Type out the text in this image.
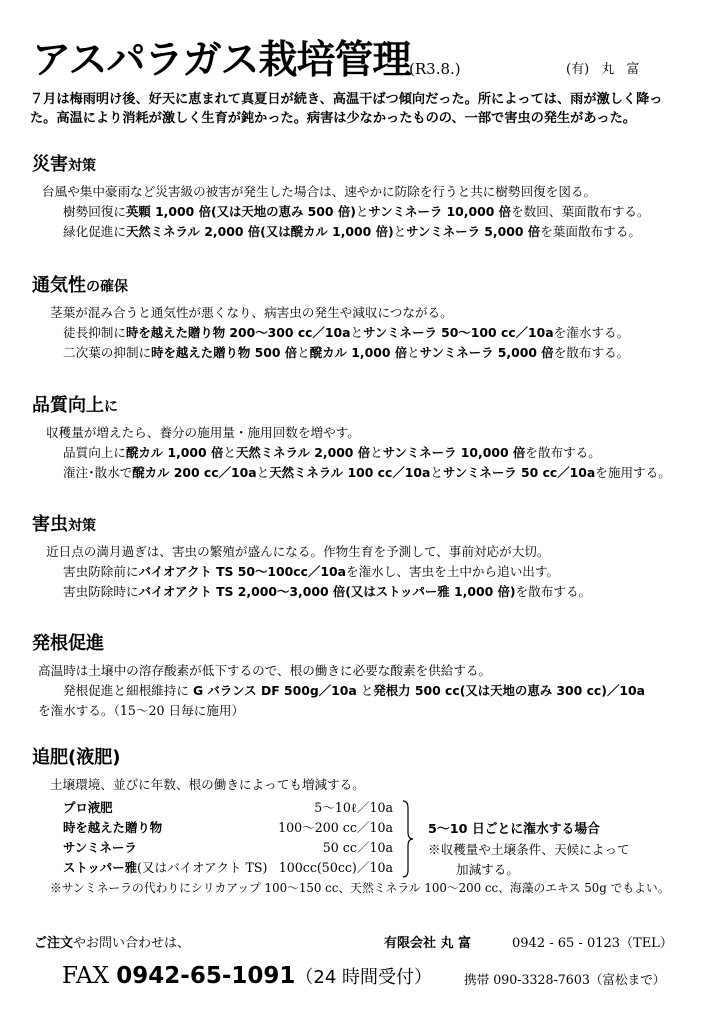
アスパラガス栽培管理
(R3.8.)	(有) 丸 富

７月は梅雨明け後、好天に恵まれて真夏日が続き、高温干ばつ傾向だった。所によっては、雨が激しく降っ

た。高温により消耗が激しく生育が鈍かった。病害は少なかったものの、一部で害虫の発生があった。

災害対策

台風や集中豪雨など災害級の被害が発生した場合は、速やかに防除を行うと共に樹勢回復を図る。

樹勢回復に英顆 1,000 倍(又は天地の恵み 500 倍)とサンミネーラ 10,000 倍を数回、葉面散布する。

緑化促進に天然ミネラル 2,000 倍(又は醗カル 1,000 倍)とサンミネーラ 5,000 倍を葉面散布する。

通気性の確保

茎葉が混み合うと通気性が悪くなり、病害虫の発生や減収につながる。

徒長抑制に時を越えた贈り物 200～300 cc／10aとサンミネーラ 50～100 cc／10aを潅水する。

二次葉の抑制に時を越えた贈り物 500 倍と醗カル 1,000 倍とサンミネーラ 5,000 倍を散布する。

品質向上に

収穫量が増えたら、養分の施用量・施用回数を増やす。

品質向上に醗カル 1,000 倍と天然ミネラル 2,000 倍とサンミネーラ 10,000 倍を散布する。

潅注･散水で醗カル 200 cc／10aと天然ミネラル 100 cc／10aとサンミネーラ 50 cc／10aを施用する。

害虫対策

近日点の満月過ぎは、害虫の繁殖が盛んになる。作物生育を予測して、事前対応が大切。

害虫防除前にバイオアクト TS 50～100cc／10aを潅水し、害虫を土中から追い出す。

害虫防除時にバイオアクト TS 2,000～3,000 倍(又はストッパー雅 1,000 倍)を散布する。

発根促進

高温時は土壌中の溶存酸素が低下するので、根の働きに必要な酸素を供給する。

発根促進と細根維持に G バランス DF 500g／10a と発根力 500 cc(又は天地の恵み 300 cc)／10a

を潅水する。（15～20 日毎に施用）

追肥(液肥)

土壌環境、並びに年数、根の働きによっても増減する。

プロ液肥	5～10ℓ／10a
時を越えた贈り物	100～200 cc／10a
サンミネーラ	50 cc／10a
ストッパー雅(又はバイオアクト TS) 100cc(50cc)／10a
5～10 日ごとに潅水する場合
※収穫量や土壌条件、天候によって
加減する。
※サンミネーラの代わりにシリカアップ 100～150 cc、天然ミネラル 100～200 cc、海藻のエキス 50g でもよい。
ご注文やお問い合わせは、	有限会社 丸 富	0942 - 65 - 0123（TEL）
FAX 0942-65-1091（24 時間受付）	携帯 090-3328-7603（富松まで）
